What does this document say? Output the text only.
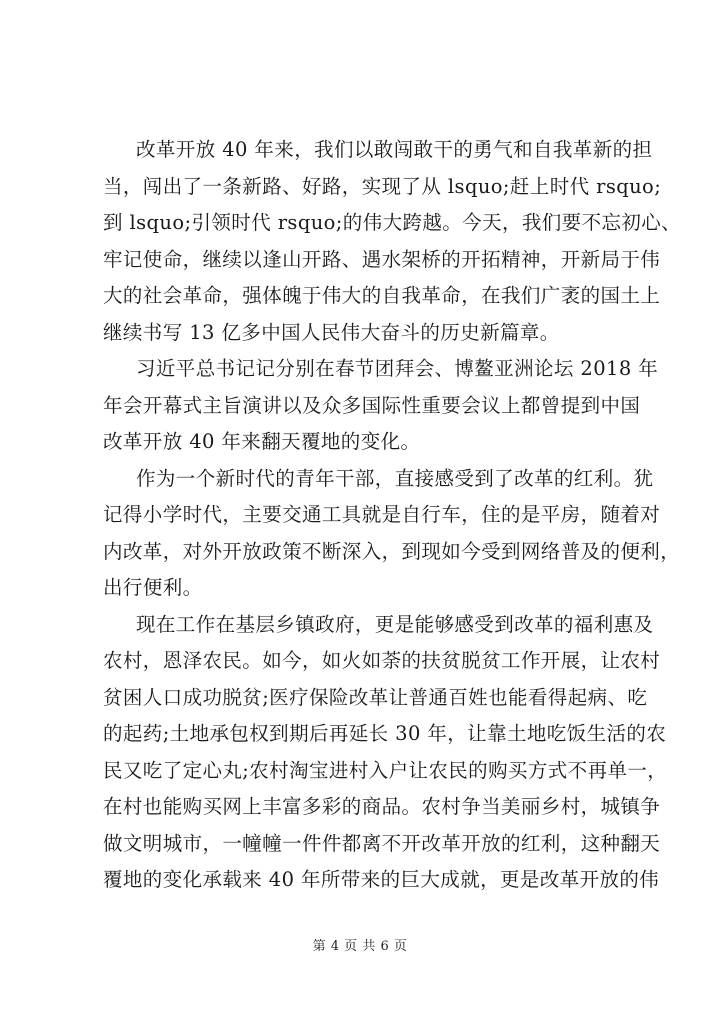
改革开放 40 年来，我们以敢闯敢干的勇气和自我革新的担
当，闯出了一条新路、好路，实现了从 lsquo;赶上时代 rsquo;
到 lsquo;引领时代 rsquo;的伟大跨越。今天，我们要不忘初心、
牢记使命，继续以逢山开路、遇水架桥的开拓精神，开新局于伟
大的社会革命，强体魄于伟大的自我革命，在我们广袤的国土上
继续书写 13 亿多中国人民伟大奋斗的历史新篇章。
习近平总书记记分别在春节团拜会、博鳌亚洲论坛 2018 年
年会开幕式主旨演讲以及众多国际性重要会议上都曾提到中国
改革开放 40 年来翻天覆地的变化。
作为一个新时代的青年干部，直接感受到了改革的红利。犹
记得小学时代，主要交通工具就是自行车，住的是平房，随着对
内改革，对外开放政策不断深入，到现如今受到网络普及的便利，
出行便利。
现在工作在基层乡镇政府，更是能够感受到改革的福利惠及
农村，恩泽农民。如今，如火如荼的扶贫脱贫工作开展，让农村
贫困人口成功脱贫;医疗保险改革让普通百姓也能看得起病、吃
的起药;土地承包权到期后再延长 30 年，让靠土地吃饭生活的农
民又吃了定心丸;农村淘宝进村入户让农民的购买方式不再单一，
在村也能购买网上丰富多彩的商品。农村争当美丽乡村，城镇争
做文明城市，一幢幢一件件都离不开改革开放的红利，这种翻天
覆地的变化承载来 40 年所带来的巨大成就，更是改革开放的伟
第 4 页 共 6 页
